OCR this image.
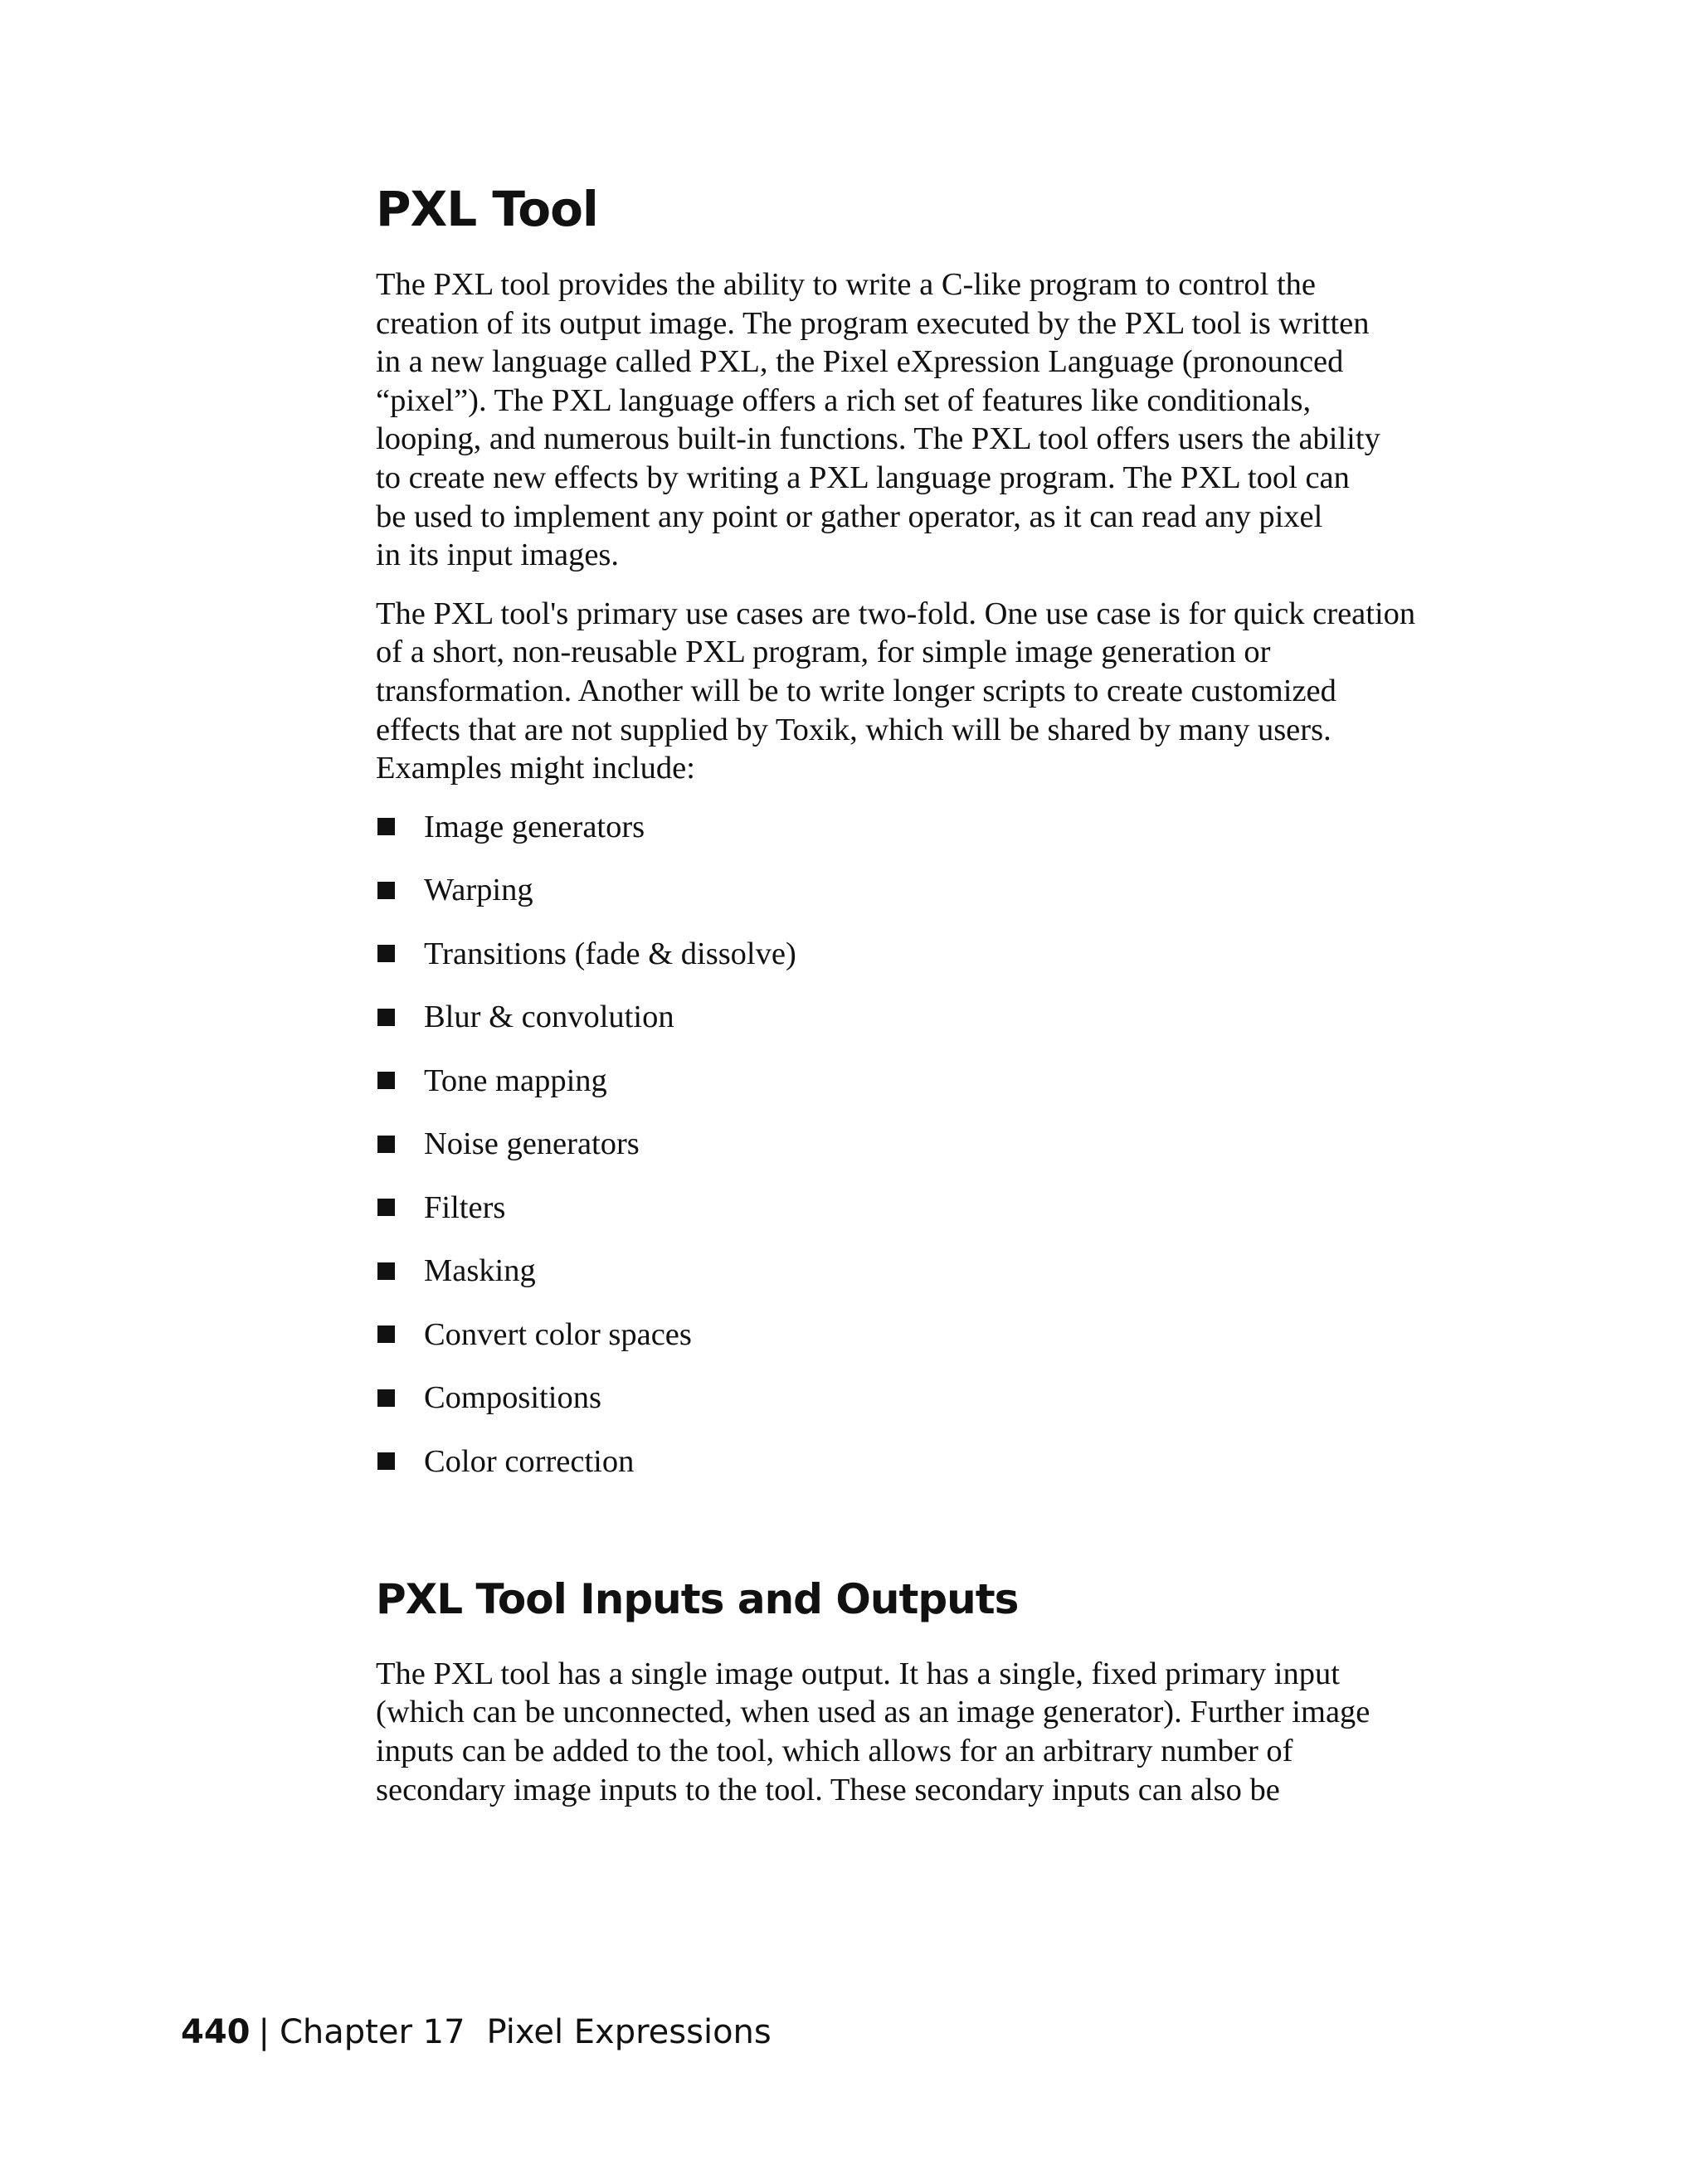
PXL Tool

The PXL tool provides the ability to write a C-like program to control the
creation of its output image. The program executed by the PXL tool is written
in a new language called PXL, the Pixel eXpression Language (pronounced
“pixel”). The PXL language offers a rich set of features like conditionals,
looping, and numerous built-in functions. The PXL tool offers users the ability
to create new effects by writing a PXL language program. The PXL tool can
be used to implement any point or gather operator, as it can read any pixel
in its input images.

The PXL tool's primary use cases are two-fold. One use case is for quick creation
of a short, non-reusable PXL program, for simple image generation or
transformation. Another will be to write longer scripts to create customized
effects that are not supplied by Toxik, which will be shared by many users.
Examples might include:

Image generators
Warping
Transitions (fade & dissolve)
Blur & convolution
Tone mapping
Noise generators
Filters
Masking
Convert color spaces
Compositions
Color correction
PXL Tool Inputs and Outputs

The PXL tool has a single image output. It has a single, fixed primary input
(which can be unconnected, when used as an image generator). Further image
inputs can be added to the tool, which allows for an arbitrary number of
secondary image inputs to the tool. These secondary inputs can also be

440 | Chapter 17 Pixel Expressions
